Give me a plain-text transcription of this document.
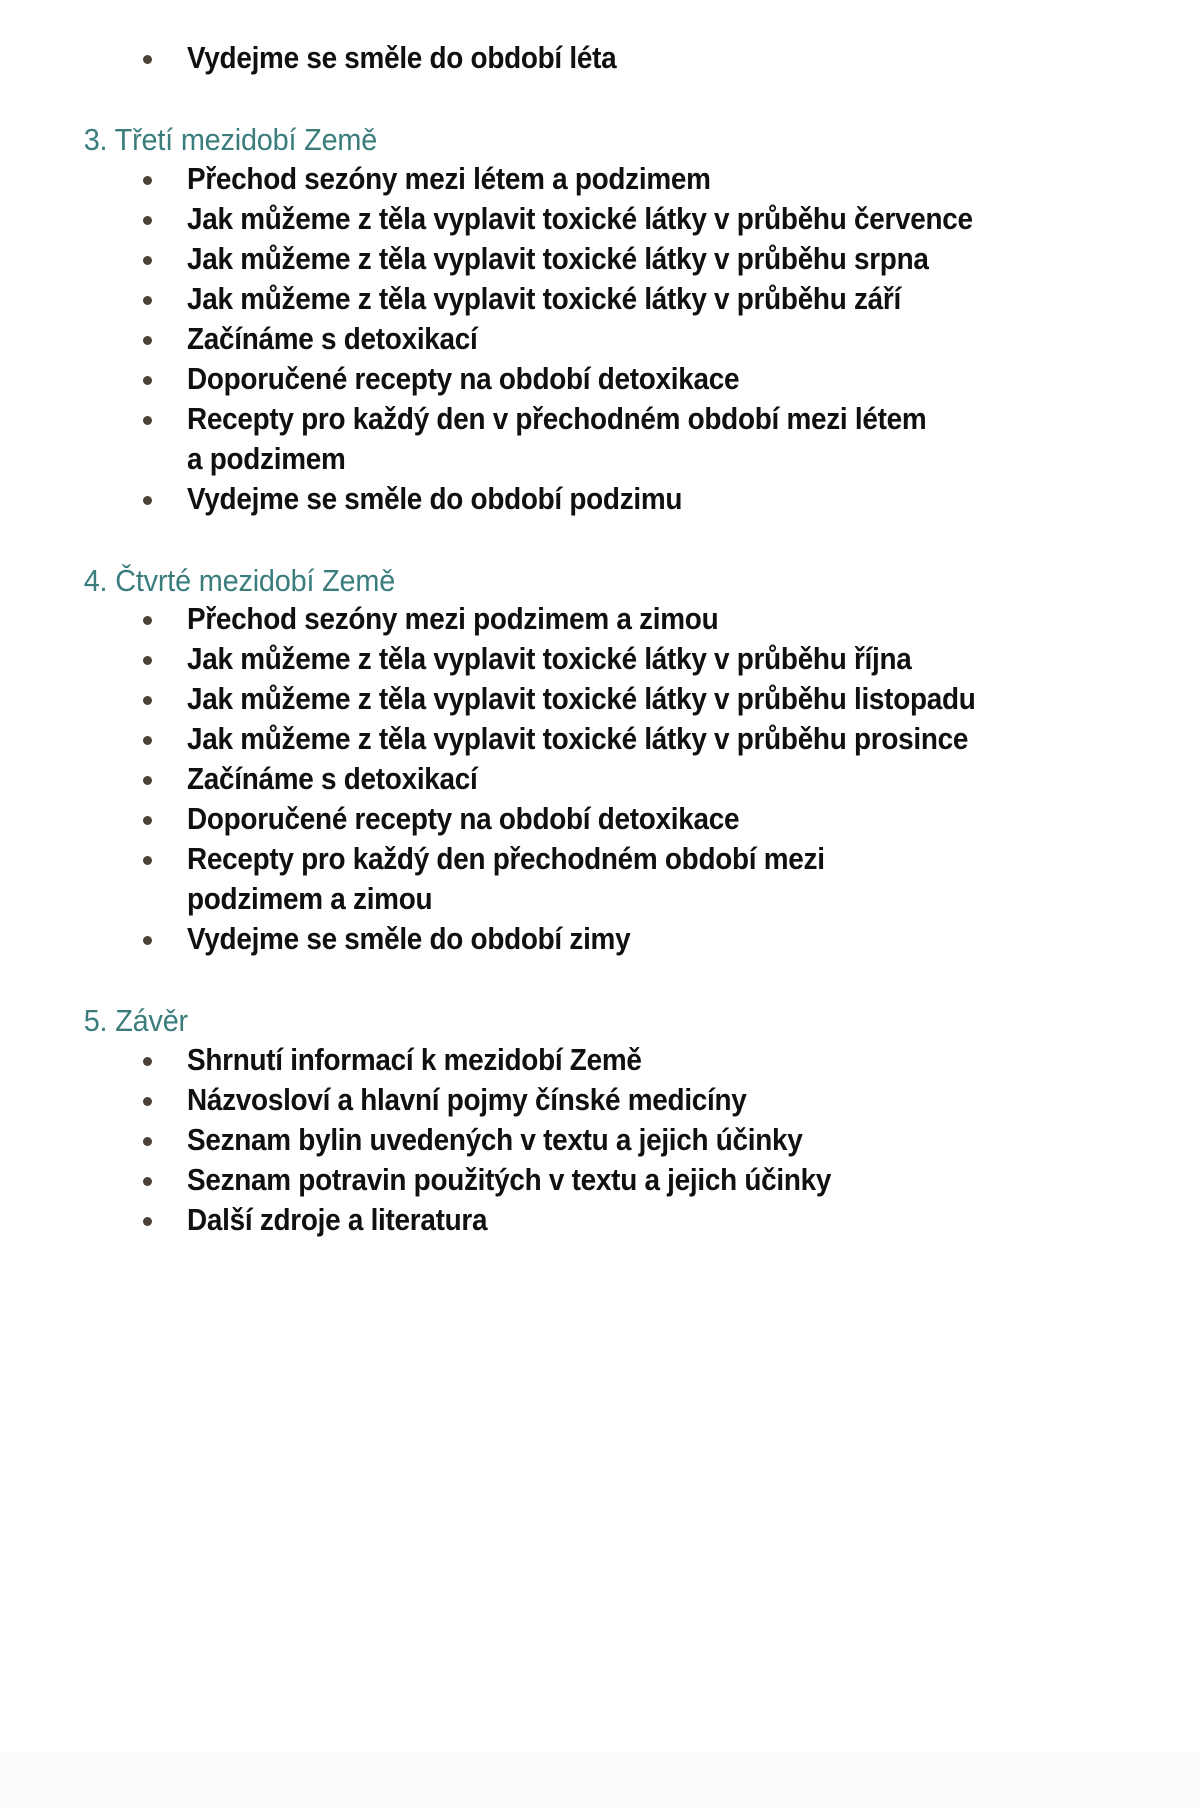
Vydejme se směle do období léta
3. Třetí mezidobí Země
Přechod sezóny mezi létem a podzimem
Jak můžeme z těla vyplavit toxické látky v průběhu července
Jak můžeme z těla vyplavit toxické látky v průběhu srpna
Jak můžeme z těla vyplavit toxické látky v průběhu září
Začínáme s detoxikací
Doporučené recepty na období detoxikace
Recepty pro každý den v přechodném období mezi létem a podzimem
Vydejme se směle do období podzimu
4. Čtvrté mezidobí Země
Přechod sezóny mezi podzimem a zimou
Jak můžeme z těla vyplavit toxické látky v průběhu října
Jak můžeme z těla vyplavit toxické látky v průběhu listopadu
Jak můžeme z těla vyplavit toxické látky v průběhu prosince
Začínáme s detoxikací
Doporučené recepty na období detoxikace
Recepty pro každý den přechodném období mezi podzimem a zimou
Vydejme se směle do období zimy
5. Závěr
Shrnutí informací k mezidobí Země
Názvosloví a hlavní pojmy čínské medicíny
Seznam bylin uvedených v textu a jejich účinky
Seznam potravin použitých v textu a jejich účinky
Další zdroje a literatura
